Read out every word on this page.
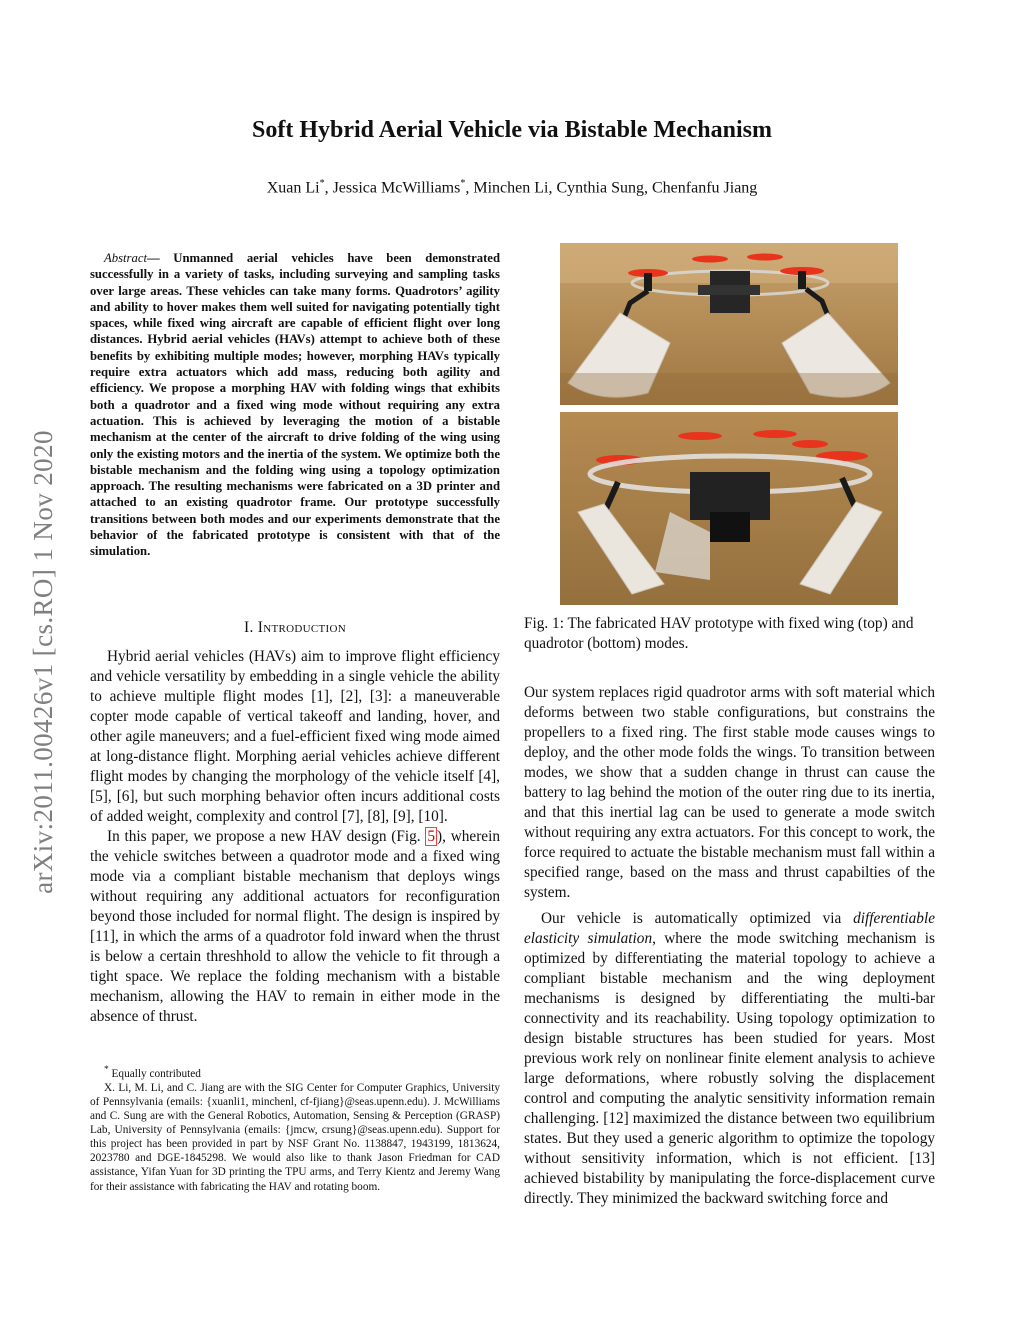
arXiv:2011.00426v1 [cs.RO] 1 Nov 2020
Soft Hybrid Aerial Vehicle via Bistable Mechanism
Xuan Li*, Jessica McWilliams*, Minchen Li, Cynthia Sung, Chenfanfu Jiang
Abstract— Unmanned aerial vehicles have been demonstrated successfully in a variety of tasks, including surveying and sampling tasks over large areas. These vehicles can take many forms. Quadrotors’ agility and ability to hover makes them well suited for navigating potentially tight spaces, while fixed wing aircraft are capable of efficient flight over long distances. Hybrid aerial vehicles (HAVs) attempt to achieve both of these benefits by exhibiting multiple modes; however, morphing HAVs typically require extra actuators which add mass, reducing both agility and efficiency. We propose a morphing HAV with folding wings that exhibits both a quadrotor and a fixed wing mode without requiring any extra actuation. This is achieved by leveraging the motion of a bistable mechanism at the center of the aircraft to drive folding of the wing using only the existing motors and the inertia of the system. We optimize both the bistable mechanism and the folding wing using a topology optimization approach. The resulting mechanisms were fabricated on a 3D printer and attached to an existing quadrotor frame. Our prototype successfully transitions between both modes and our experiments demonstrate that the behavior of the fabricated prototype is consistent with that of the simulation.
I. Introduction

Hybrid aerial vehicles (HAVs) aim to improve flight efficiency and vehicle versatility by embedding in a single vehicle the ability to achieve multiple flight modes [1], [2], [3]: a maneuverable copter mode capable of vertical takeoff and landing, hover, and other agile maneuvers; and a fuel-efficient fixed wing mode aimed at long-distance flight. Morphing aerial vehicles achieve different flight modes by changing the morphology of the vehicle itself [4], [5], [6], but such morphing behavior often incurs additional costs of added weight, complexity and control [7], [8], [9], [10].

In this paper, we propose a new HAV design (Fig. 5 ), wherein the vehicle switches between a quadrotor mode and a fixed wing mode via a compliant bistable mechanism that deploys wings without requiring any additional actuators for reconfiguration beyond those included for normal flight. The design is inspired by [11], in which the arms of a quadrotor fold inward when the thrust is below a certain threshhold to allow the vehicle to fit through a tight space. We replace the folding mechanism with a bistable mechanism, allowing the HAV to remain in either mode in the absence of thrust.

* Equally contributed

X. Li, M. Li, and C. Jiang are with the SIG Center for Computer Graphics, University of Pennsylvania (emails: {xuanli1, minchenl, cf-fjiang}@seas.upenn.edu). J. McWilliams and C. Sung are with the General Robotics, Automation, Sensing & Perception (GRASP) Lab, University of Pennsylvania (emails: {jmcw, crsung}@seas.upenn.edu). Support for this project has been provided in part by NSF Grant No. 1138847, 1943199, 1813624, 2023780 and DGE-1845298. We would also like to thank Jason Friedman for CAD assistance, Yifan Yuan for 3D printing the TPU arms, and Terry Kientz and Jeremy Wang for their assistance with fabricating the HAV and rotating boom.

Fig. 1: The fabricated HAV prototype with fixed wing (top) and quadrotor (bottom) modes.

Our system replaces rigid quadrotor arms with soft material which deforms between two stable configurations, but constrains the propellers to a fixed ring. The first stable mode causes wings to deploy, and the other mode folds the wings. To transition between modes, we show that a sudden change in thrust can cause the battery to lag behind the motion of the outer ring due to its inertia, and that this inertial lag can be used to generate a mode switch without requiring any extra actuators. For this concept to work, the force required to actuate the bistable mechanism must fall within a specified range, based on the mass and thrust capabilties of the system.

Our vehicle is automatically optimized via differentiable elasticity simulation, where the mode switching mechanism is optimized by differentiating the material topology to achieve a compliant bistable mechanism and the wing deployment mechanisms is designed by differentiating the multi-bar connectivity and its reachability. Using topology optimization to design bistable structures has been studied for years. Most previous work rely on nonlinear finite element analysis to achieve large deformations, where robustly solving the displacement control and computing the analytic sensitivity information remain challenging. [12] maximized the distance between two equilibrium states. But they used a generic algorithm to optimize the topology without sensitivity information, which is not efficient. [13] achieved bistability by manipulating the force-displacement curve directly. They minimized the backward switching force and
